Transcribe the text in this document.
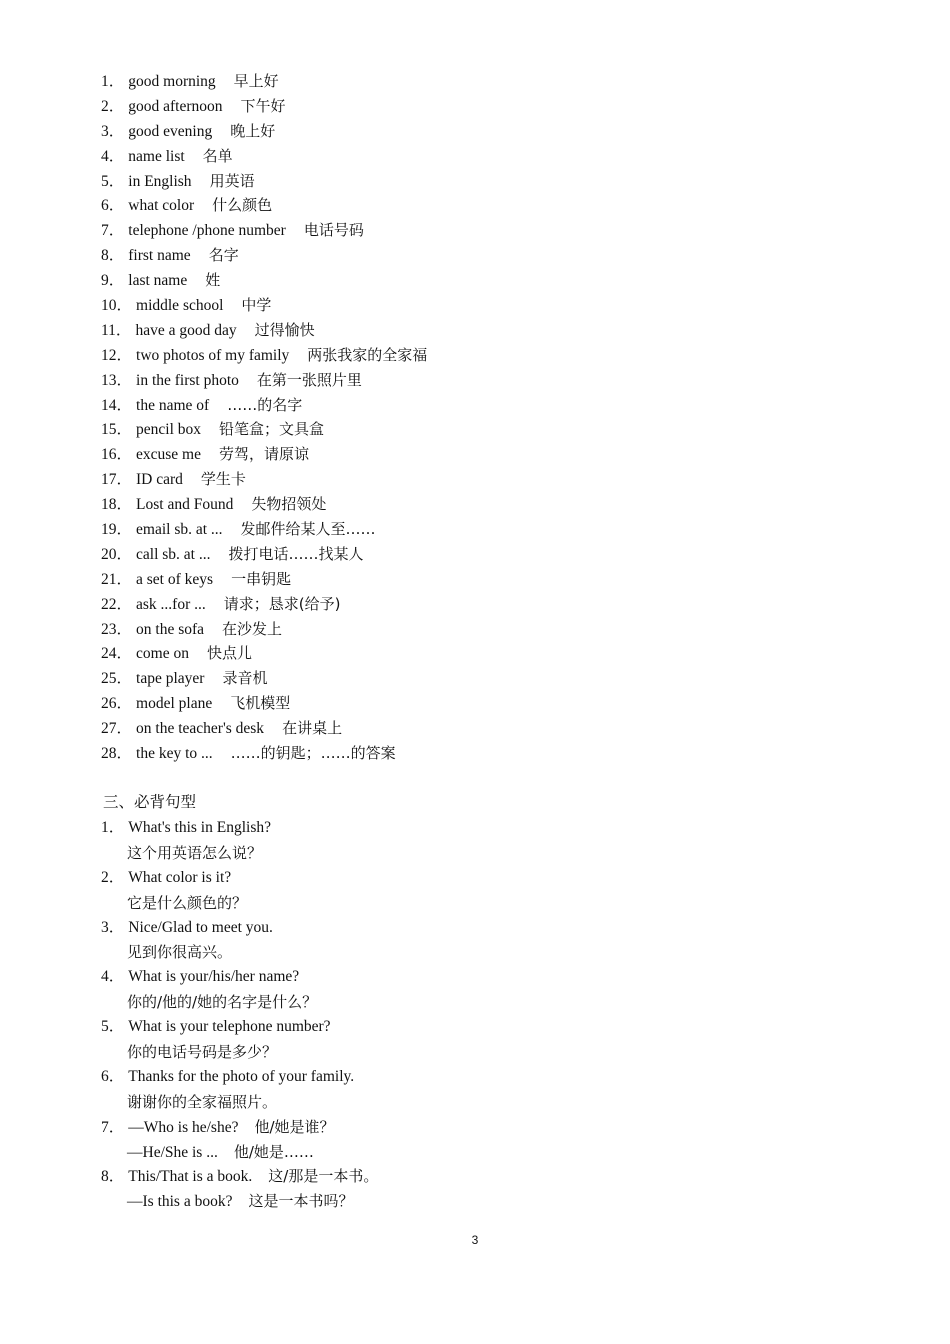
1． good morning 早上好
2． good afternoon 下午好
3． good evening 晚上好
4． name list 名单
5． in English 用英语
6． what color 什么颜色
7． telephone /phone number 电话号码
8． first name 名字
9． last name 姓
10． middle school 中学
11． have a good day 过得愉快
12． two photos of my family 两张我家的全家福
13． in the first photo 在第一张照片里
14． the name of ……的名字
15． pencil box 铅笔盒；文具盒
16． excuse me 劳驾，请原谅
17． ID card 学生卡
18． Lost and Found 失物招领处
19． email sb. at ... 发邮件给某人至……
20． call sb. at ... 拨打电话……找某人
21． a set of keys 一串钥匙
22． ask ...for ... 请求；恳求(给予)
23． on the sofa 在沙发上
24． come on 快点儿
25． tape player 录音机
26． model plane 飞机模型
27． on the teacher's desk 在讲桌上
28． the key to ... ……的钥匙；……的答案
三、必背句型
1． What's this in English?
这个用英语怎么说？
2． What color is it?
它是什么颜色的？
3． Nice/Glad to meet you.
见到你很高兴。
4． What is your/his/her name?
你的/他的/她的名字是什么？
5． What is your telephone number?
你的电话号码是多少？
6． Thanks for the photo of your family.
谢谢你的全家福照片。
7． —Who is he/she? 他/她是谁？
—He/She is ... 他/她是……
8． This/That is a book. 这/那是一本书。
—Is this a book? 这是一本书吗？
3
